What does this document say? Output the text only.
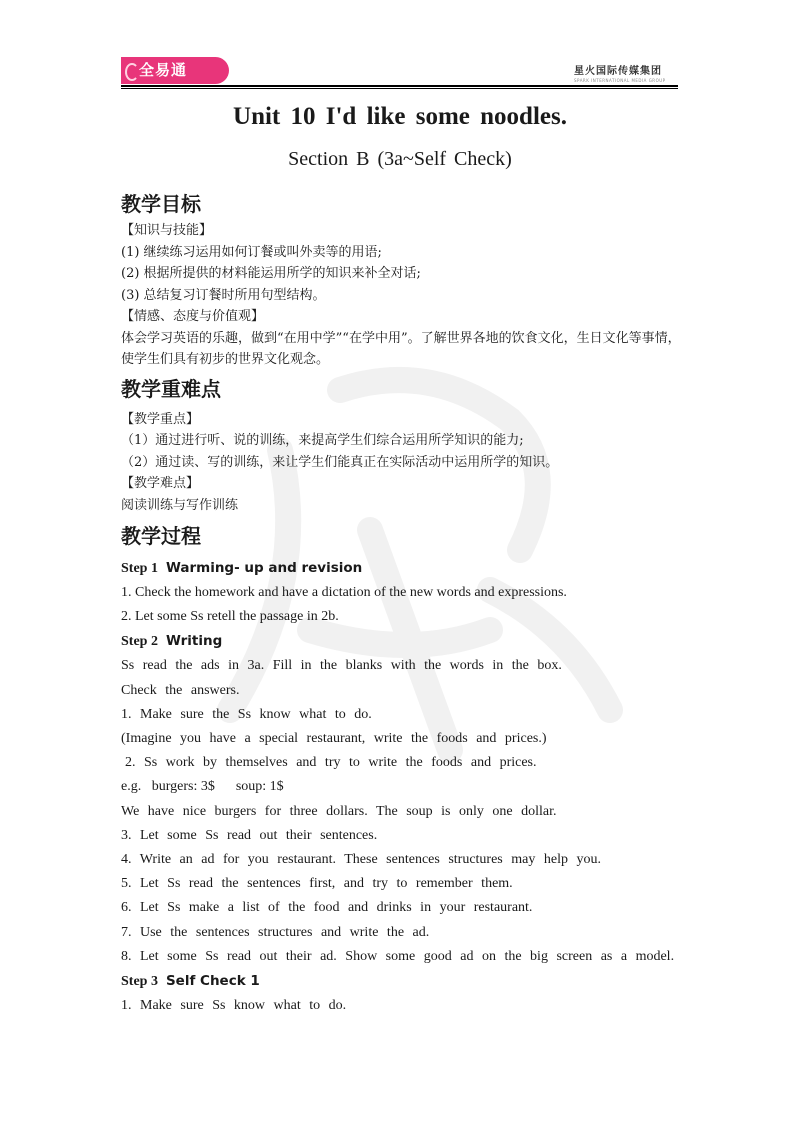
全易通	星火国际传媒集团
SPARK INTERNATIONAL MEDIA GROUP
Unit 10 I'd like some noodles.
Section B (3a~Self Check)
教学目标
【知识与技能】
(1) 继续练习运用如何订餐或叫外卖等的用语;
(2) 根据所提供的材料能运用所学的知识来补全对话;
(3) 总结复习订餐时所用句型结构。
【情感、态度与价值观】
体会学习英语的乐趣，做到“在用中学”“在学中用”。了解世界各地的饮食文化，生日文化等事情，使学生们具有初步的世界文化观念。
教学重难点
【教学重点】
（1）通过进行听、说的训练，来提高学生们综合运用所学知识的能力;
（2）通过读、写的训练，来让学生们能真正在实际活动中运用所学的知识。
【教学难点】
阅读训练与写作训练
教学过程
Step 1 Warming- up and revision
1. Check the homework and have a dictation of the new words and expressions.
2. Let some Ss retell the passage in 2b.
Step 2 Writing
Ss read the ads in 3a. Fill in the blanks with the words in the box.
Check the answers.
1. Make sure the Ss know what to do.
(Imagine you have a special restaurant, write the foods and prices.)
2. Ss work by themselves and try to write the foods and prices.
e.g.   burgers: 3$      soup: 1$
We have nice burgers for three dollars. The soup is only one dollar.
3. Let some Ss read out their sentences.
4. Write an ad for you restaurant. These sentences structures may help you.
5. Let Ss read the sentences first, and try to remember them.
6. Let Ss make a list of the food and drinks in your restaurant.
7. Use the sentences structures and write the ad.
8. Let some Ss read out their ad. Show some good ad on the big screen as a model.
Step 3 Self Check 1
1. Make sure Ss know what to do.
